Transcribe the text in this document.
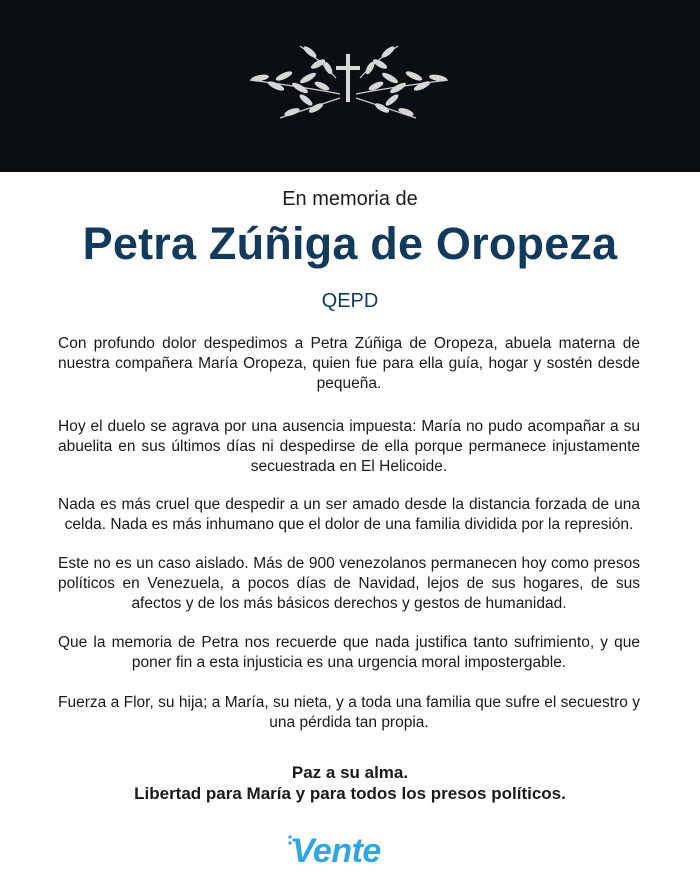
En memoria de
Petra Zúñiga de Oropeza
QEPD
Con profundo dolor despedimos a Petra Zúñiga de Oropeza, abuela materna de nuestra compañera María Oropeza, quien fue para ella guía, hogar y sostén desde pequeña.
Hoy el duelo se agrava por una ausencia impuesta: María no pudo acompañar a su abuelita en sus últimos días ni despedirse de ella porque permanece injustamente secuestrada en El Helicoide.
Nada es más cruel que despedir a un ser amado desde la distancia forzada de una celda. Nada es más inhumano que el dolor de una familia dividida por la represión.
Este no es un caso aislado. Más de 900 venezolanos permanecen hoy como presos políticos en Venezuela, a pocos días de Navidad, lejos de sus hogares, de sus afectos y de los más básicos derechos y gestos de humanidad.
Que la memoria de Petra nos recuerde que nada justifica tanto sufrimiento, y que poner fin a esta injusticia es una urgencia moral impostergable.
Fuerza a Flor, su hija; a María, su nieta, y a toda una familia que sufre el secuestro y una pérdida tan propia.
Paz a su alma.
Libertad para María y para todos los presos políticos.
Vente
